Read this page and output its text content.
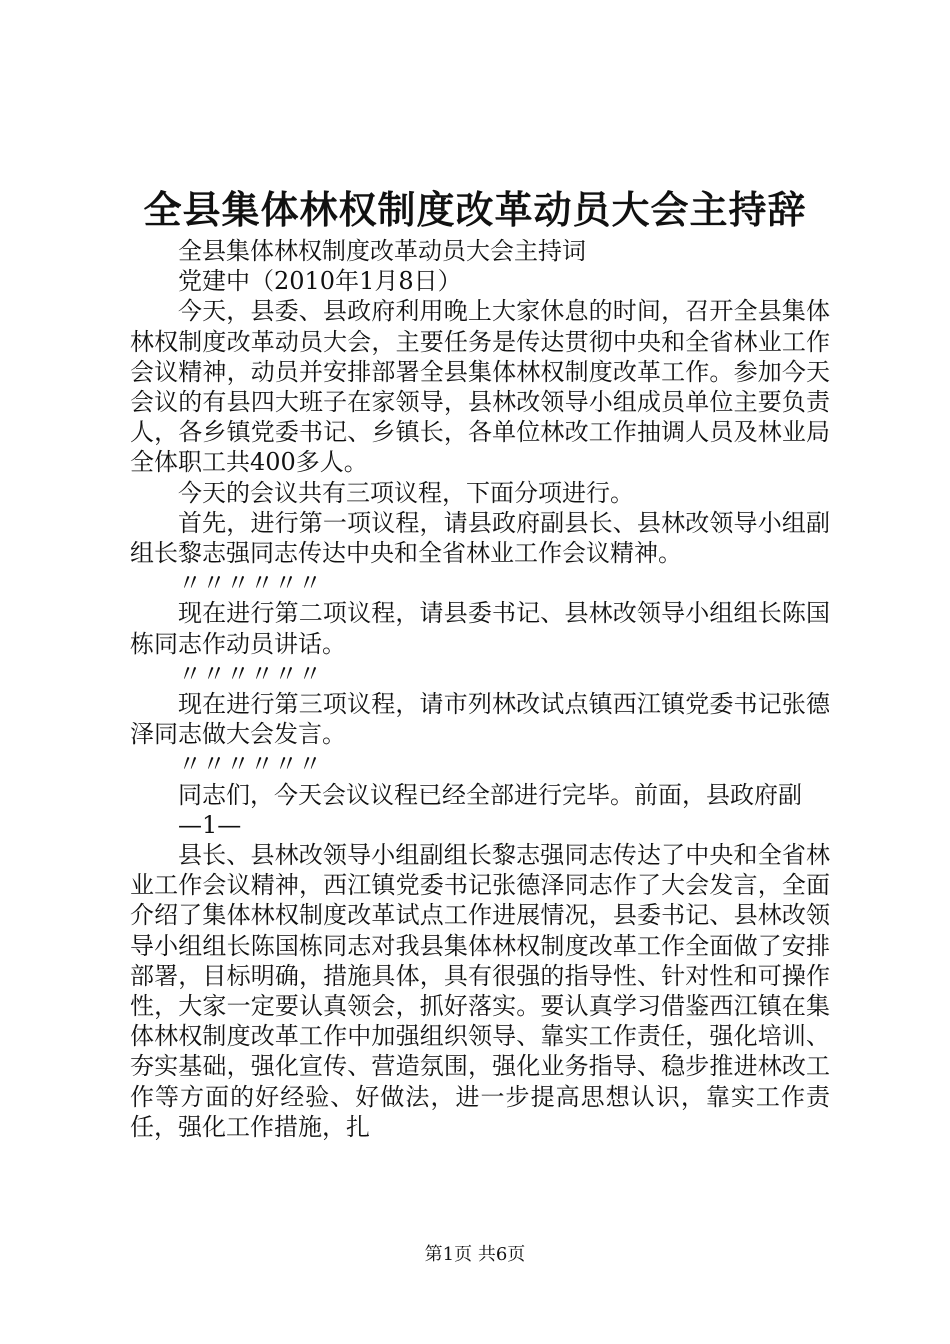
全县集体林权制度改革动员大会主持辞

全县集体林权制度改革动员大会主持词

党建中（2010年1月8日）

今天，县委、县政府利用晚上大家休息的时间，召开全县集体林权制度改革动员大会，主要任务是传达贯彻中央和全省林业工作会议精神，动员并安排部署全县集体林权制度改革工作。参加今天会议的有县四大班子在家领导，县林改领导小组成员单位主要负责人，各乡镇党委书记、乡镇长，各单位林改工作抽调人员及林业局全体职工共400多人。

今天的会议共有三项议程，下面分项进行。

首先，进行第一项议程，请县政府副县长、县林改领导小组副组长黎志强同志传达中央和全省林业工作会议精神。

〃〃〃〃〃〃

现在进行第二项议程，请县委书记、县林改领导小组组长陈国栋同志作动员讲话。

〃〃〃〃〃〃

现在进行第三项议程，请市列林改试点镇西江镇党委书记张德泽同志做大会发言。

〃〃〃〃〃〃

同志们，今天会议议程已经全部进行完毕。前面，县政府副

—1—

县长、县林改领导小组副组长黎志强同志传达了中央和全省林业工作会议精神，西江镇党委书记张德泽同志作了大会发言，全面介绍了集体林权制度改革试点工作进展情况，县委书记、县林改领导小组组长陈国栋同志对我县集体林权制度改革工作全面做了安排部署，目标明确，措施具体，具有很强的指导性、针对性和可操作性，大家一定要认真领会，抓好落实。要认真学习借鉴西江镇在集体林权制度改革工作中加强组织领导、靠实工作责任，强化培训、夯实基础，强化宣传、营造氛围，强化业务指导、稳步推进林改工作等方面的好经验、好做法，进一步提高思想认识，靠实工作责任，强化工作措施，扎

第1页 共6页
